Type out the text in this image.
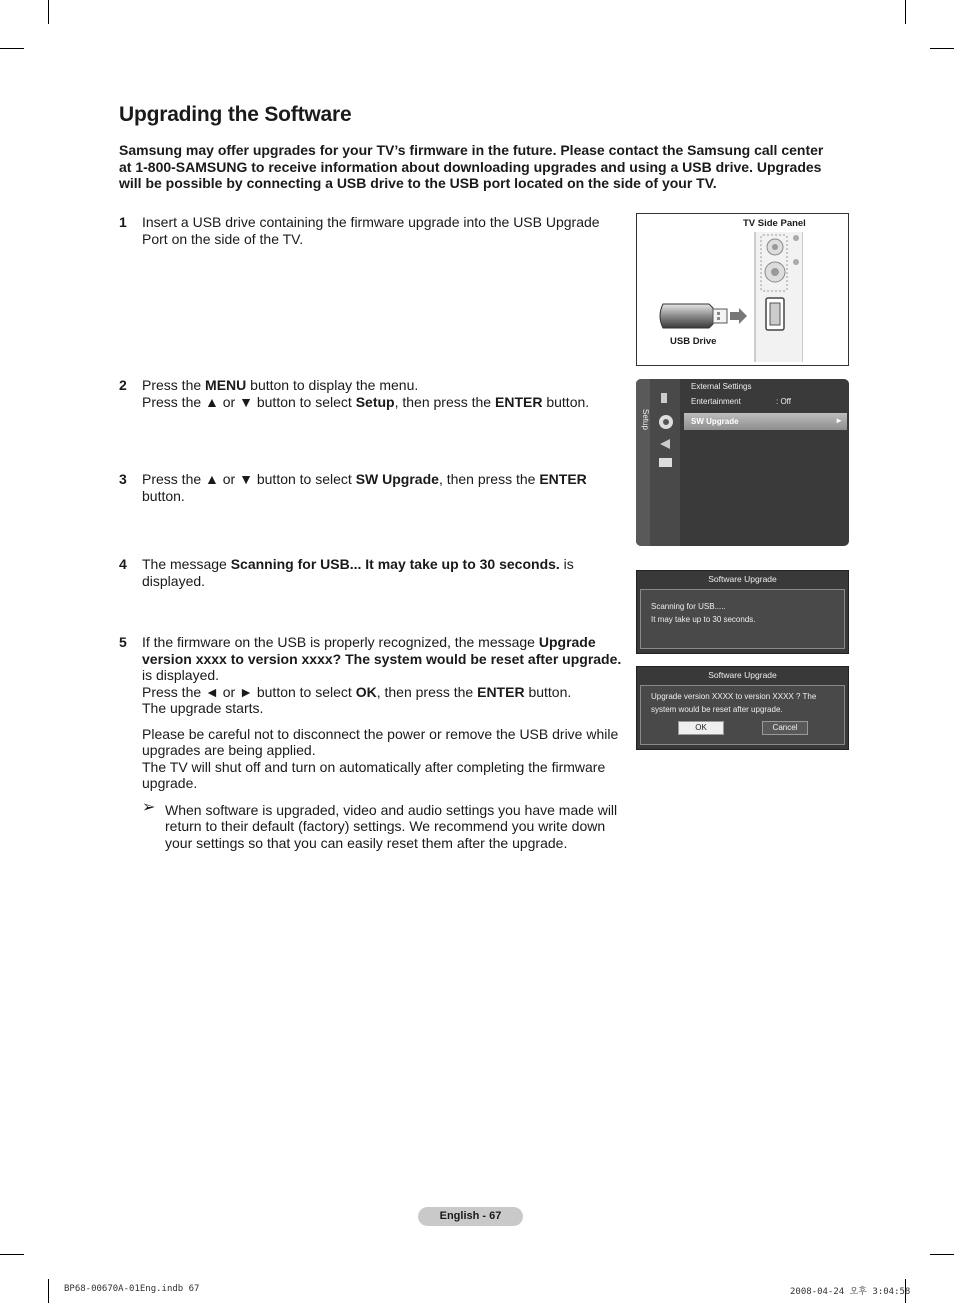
Upgrading the Software

Samsung may offer upgrades for your TV’s firmware in the future. Please contact the Samsung call center at 1-800-SAMSUNG to receive information about downloading upgrades and using a USB drive. Upgrades will be possible by connecting a USB drive to the USB port located on the side of your TV.

1 Insert a USB drive containing the firmware upgrade into the USB Upgrade Port on the side of the TV.

2 Press the MENU button to display the menu.

Press the ▲ or ▼ button to select Setup, then press the ENTER button.

3 Press the ▲ or ▼ button to select SW Upgrade, then press the ENTER button.

4 The message Scanning for USB... It may take up to 30 seconds. is displayed.

5 If the firmware on the USB is properly recognized, the message Upgrade version xxxx to version xxxx? The system would be reset after upgrade. is displayed.

Press the ◄ or ► button to select OK, then press the ENTER button.

The upgrade starts.

Please be careful not to disconnect the power or remove the USB drive while upgrades are being applied.

The TV will shut off and turn on automatically after completing the firmware upgrade.

➢ When software is upgraded, video and audio settings you have made will return to their default (factory) settings. We recommend you write down your settings so that you can easily reset them after the upgrade.

TV Side Panel
USB Drive
Setup
External Settings
Entertainment	: Off
SW Upgrade	►
Software Upgrade
Scanning for USB.....
It may take up to 30 seconds.
Software Upgrade
Upgrade version XXXX to version XXXX ? The
system would be reset after upgrade.
OK	Cancel
English - 67
BP68-00670A-01Eng.indb 67	2008-04-24 오후 3:04:58
